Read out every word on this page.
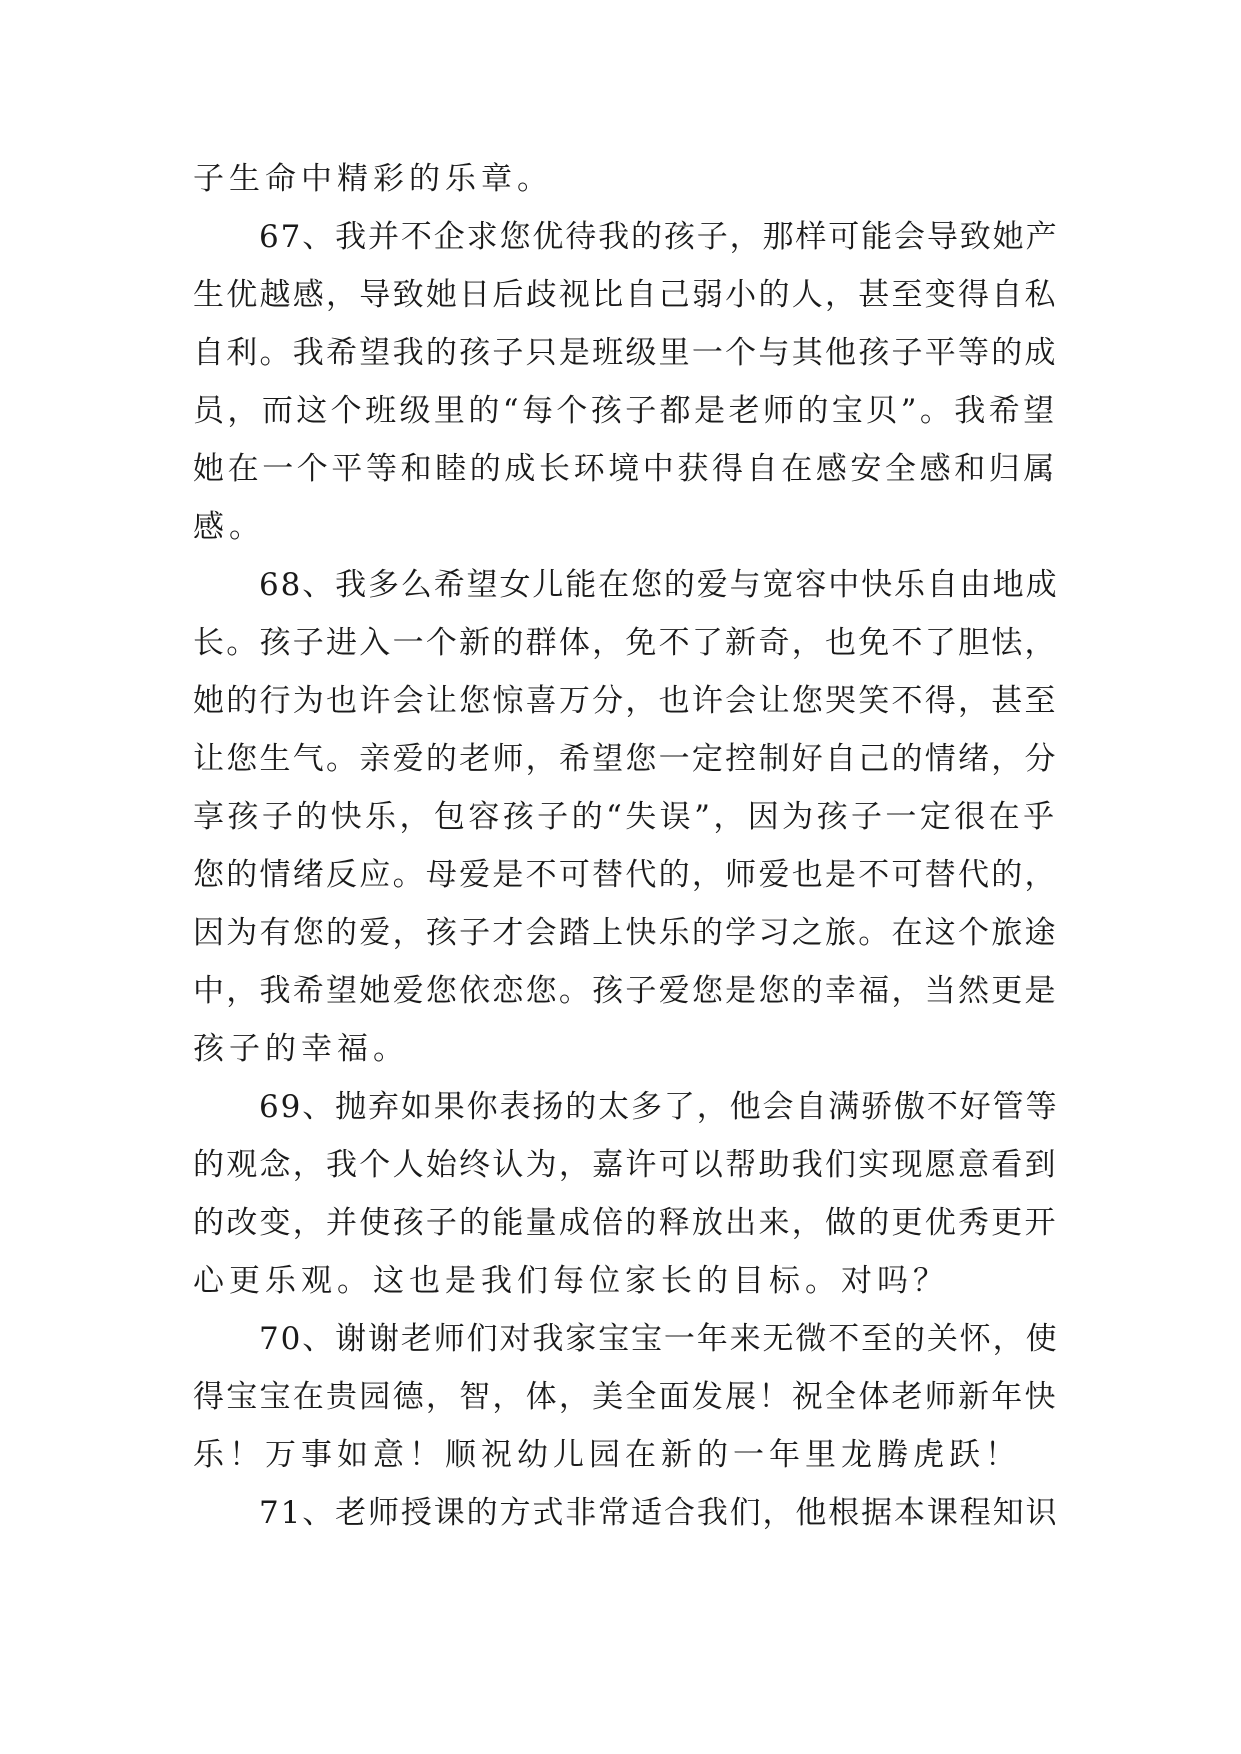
子生命中精彩的乐章。
67、我并不企求您优待我的孩子，那样可能会导致她产
生优越感，导致她日后歧视比自己弱小的人，甚至变得自私
自利。我希望我的孩子只是班级里一个与其他孩子平等的成
员，而这个班级里的“每个孩子都是老师的宝贝”。我希望
她在一个平等和睦的成长环境中获得自在感安全感和归属
感。
68、我多么希望女儿能在您的爱与宽容中快乐自由地成
长。孩子进入一个新的群体，免不了新奇，也免不了胆怯，
她的行为也许会让您惊喜万分，也许会让您哭笑不得，甚至
让您生气。亲爱的老师，希望您一定控制好自己的情绪，分
享孩子的快乐，包容孩子的“失误”，因为孩子一定很在乎
您的情绪反应。母爱是不可替代的，师爱也是不可替代的，
因为有您的爱，孩子才会踏上快乐的学习之旅。在这个旅途
中，我希望她爱您依恋您。孩子爱您是您的幸福，当然更是
孩子的幸福。
69、抛弃如果你表扬的太多了，他会自满骄傲不好管等
的观念，我个人始终认为，嘉许可以帮助我们实现愿意看到
的改变，并使孩子的能量成倍的释放出来，做的更优秀更开
心更乐观。这也是我们每位家长的目标。对吗？
70、谢谢老师们对我家宝宝一年来无微不至的关怀，使
得宝宝在贵园德，智，体，美全面发展！祝全体老师新年快
乐！万事如意！顺祝幼儿园在新的一年里龙腾虎跃！
71、老师授课的方式非常适合我们，他根据本课程知识
